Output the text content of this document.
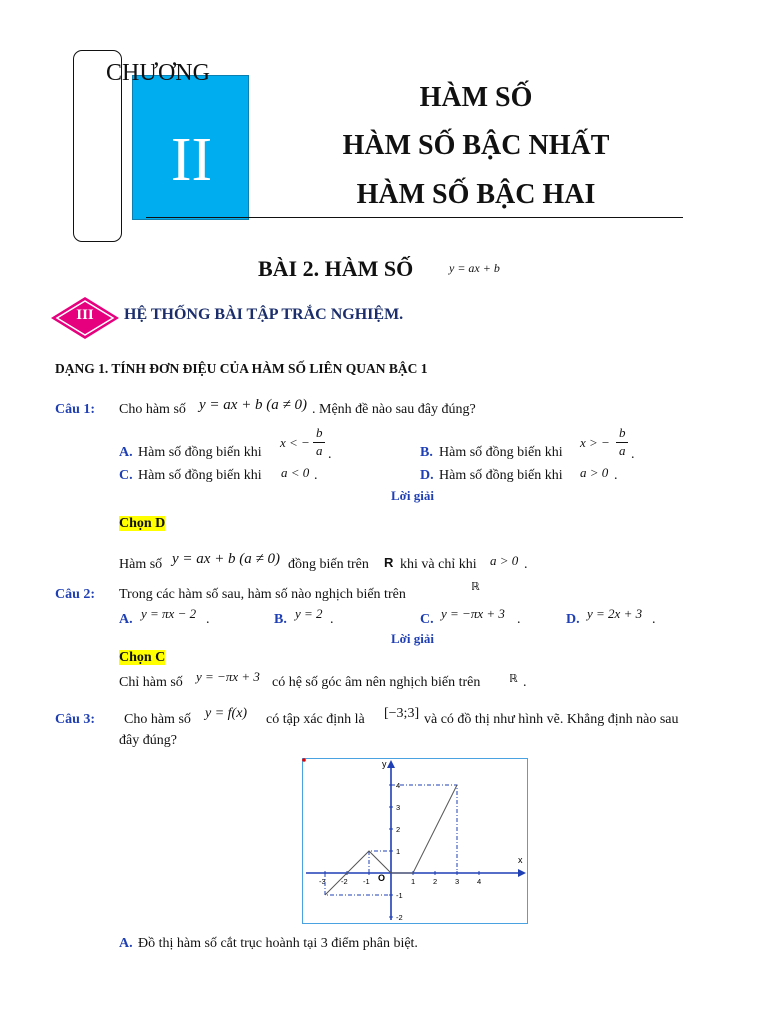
CHƯƠNG
II
HÀM SỐ
HÀM SỐ BẬC NHẤT
HÀM SỐ BẬC HAI
BÀI 2. HÀM SỐ	y = ax + b
III	HỆ THỐNG BÀI TẬP TRẮC NGHIỆM.
DẠNG 1. TÍNH ĐƠN ĐIỆU CỦA HÀM SỐ LIÊN QUAN BẬC 1
Câu 1: Cho hàm số y = ax + b (a ≠ 0) . Mệnh đề nào sau đây đúng?
A. Hàm số đồng biến khi
x < −
b
a .	B. Hàm số đồng biến khi
x > −
b
a .
C. Hàm số đồng biến khi a < 0 .	D. Hàm số đồng biến khi a > 0 .
Lời giải
Chọn D
Hàm số y = ax + b (a ≠ 0) đồng biến trên R khi và chỉ khi a > 0 .
Câu 2: Trong các hàm số sau, hàm số nào nghịch biến trên
ℝ
A. y = πx − 2 .	B. y = 2 .	C. y = −πx + 3 .	D. y = 2x + 3 .
Lời giải
Chọn C
Chỉ hàm số y = −πx + 3 có hệ số góc âm nên nghịch biến trên	ℝ .
Câu 3: Cho hàm số y = f(x) có tập xác định là [−3;3] và có đồ thị như hình vẽ. Khẳng định nào sau
đây đúng?
x
y
O
-3 -2 -1	1 2 3 4
4
3
2
1
-1
-2
A. Đồ thị hàm số cắt trục hoành tại 3 điểm phân biệt.
